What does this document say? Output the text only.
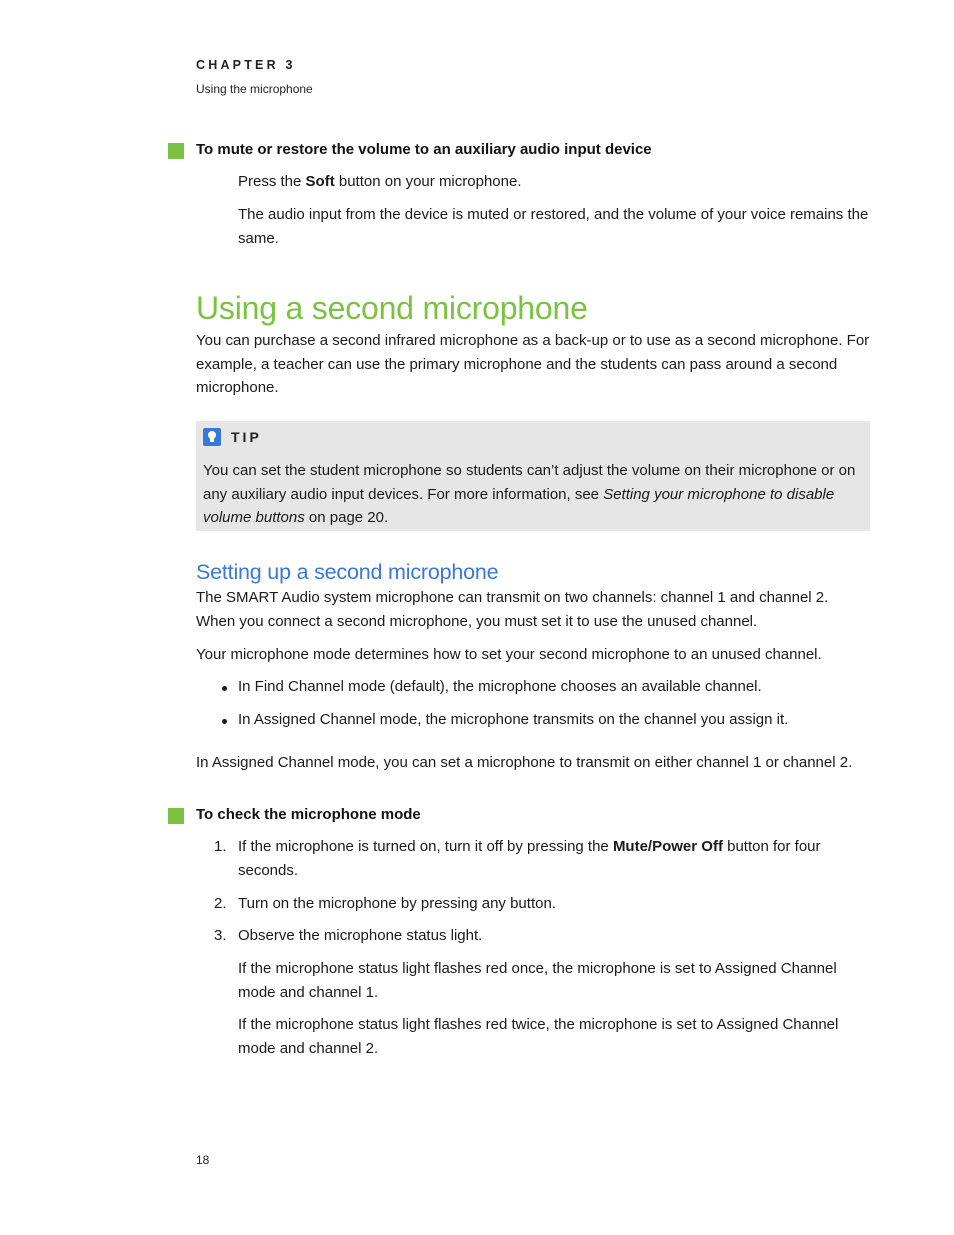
CHAPTER 3
Using the microphone
To mute or restore the volume to an auxiliary audio input device
Press the Soft button on your microphone.
The audio input from the device is muted or restored, and the volume of your voice remains the same.
Using a second microphone
You can purchase a second infrared microphone as a back-up or to use as a second microphone. For example, a teacher can use the primary microphone and the students can pass around a second microphone.
TIP
You can set the student microphone so students can’t adjust the volume on their microphone or on any auxiliary audio input devices. For more information, see Setting your microphone to disable volume buttons on page 20.
Setting up a second microphone
The SMART Audio system microphone can transmit on two channels: channel 1 and channel 2. When you connect a second microphone, you must set it to use the unused channel.
Your microphone mode determines how to set your second microphone to an unused channel.
In Find Channel mode (default), the microphone chooses an available channel.
In Assigned Channel mode, the microphone transmits on the channel you assign it.
In Assigned Channel mode, you can set a microphone to transmit on either channel 1 or channel 2.
To check the microphone mode
1. If the microphone is turned on, turn it off by pressing the Mute/Power Off button for four seconds.
2. Turn on the microphone by pressing any button.
3. Observe the microphone status light.
If the microphone status light flashes red once, the microphone is set to Assigned Channel mode and channel 1.
If the microphone status light flashes red twice, the microphone is set to Assigned Channel mode and channel 2.
18
